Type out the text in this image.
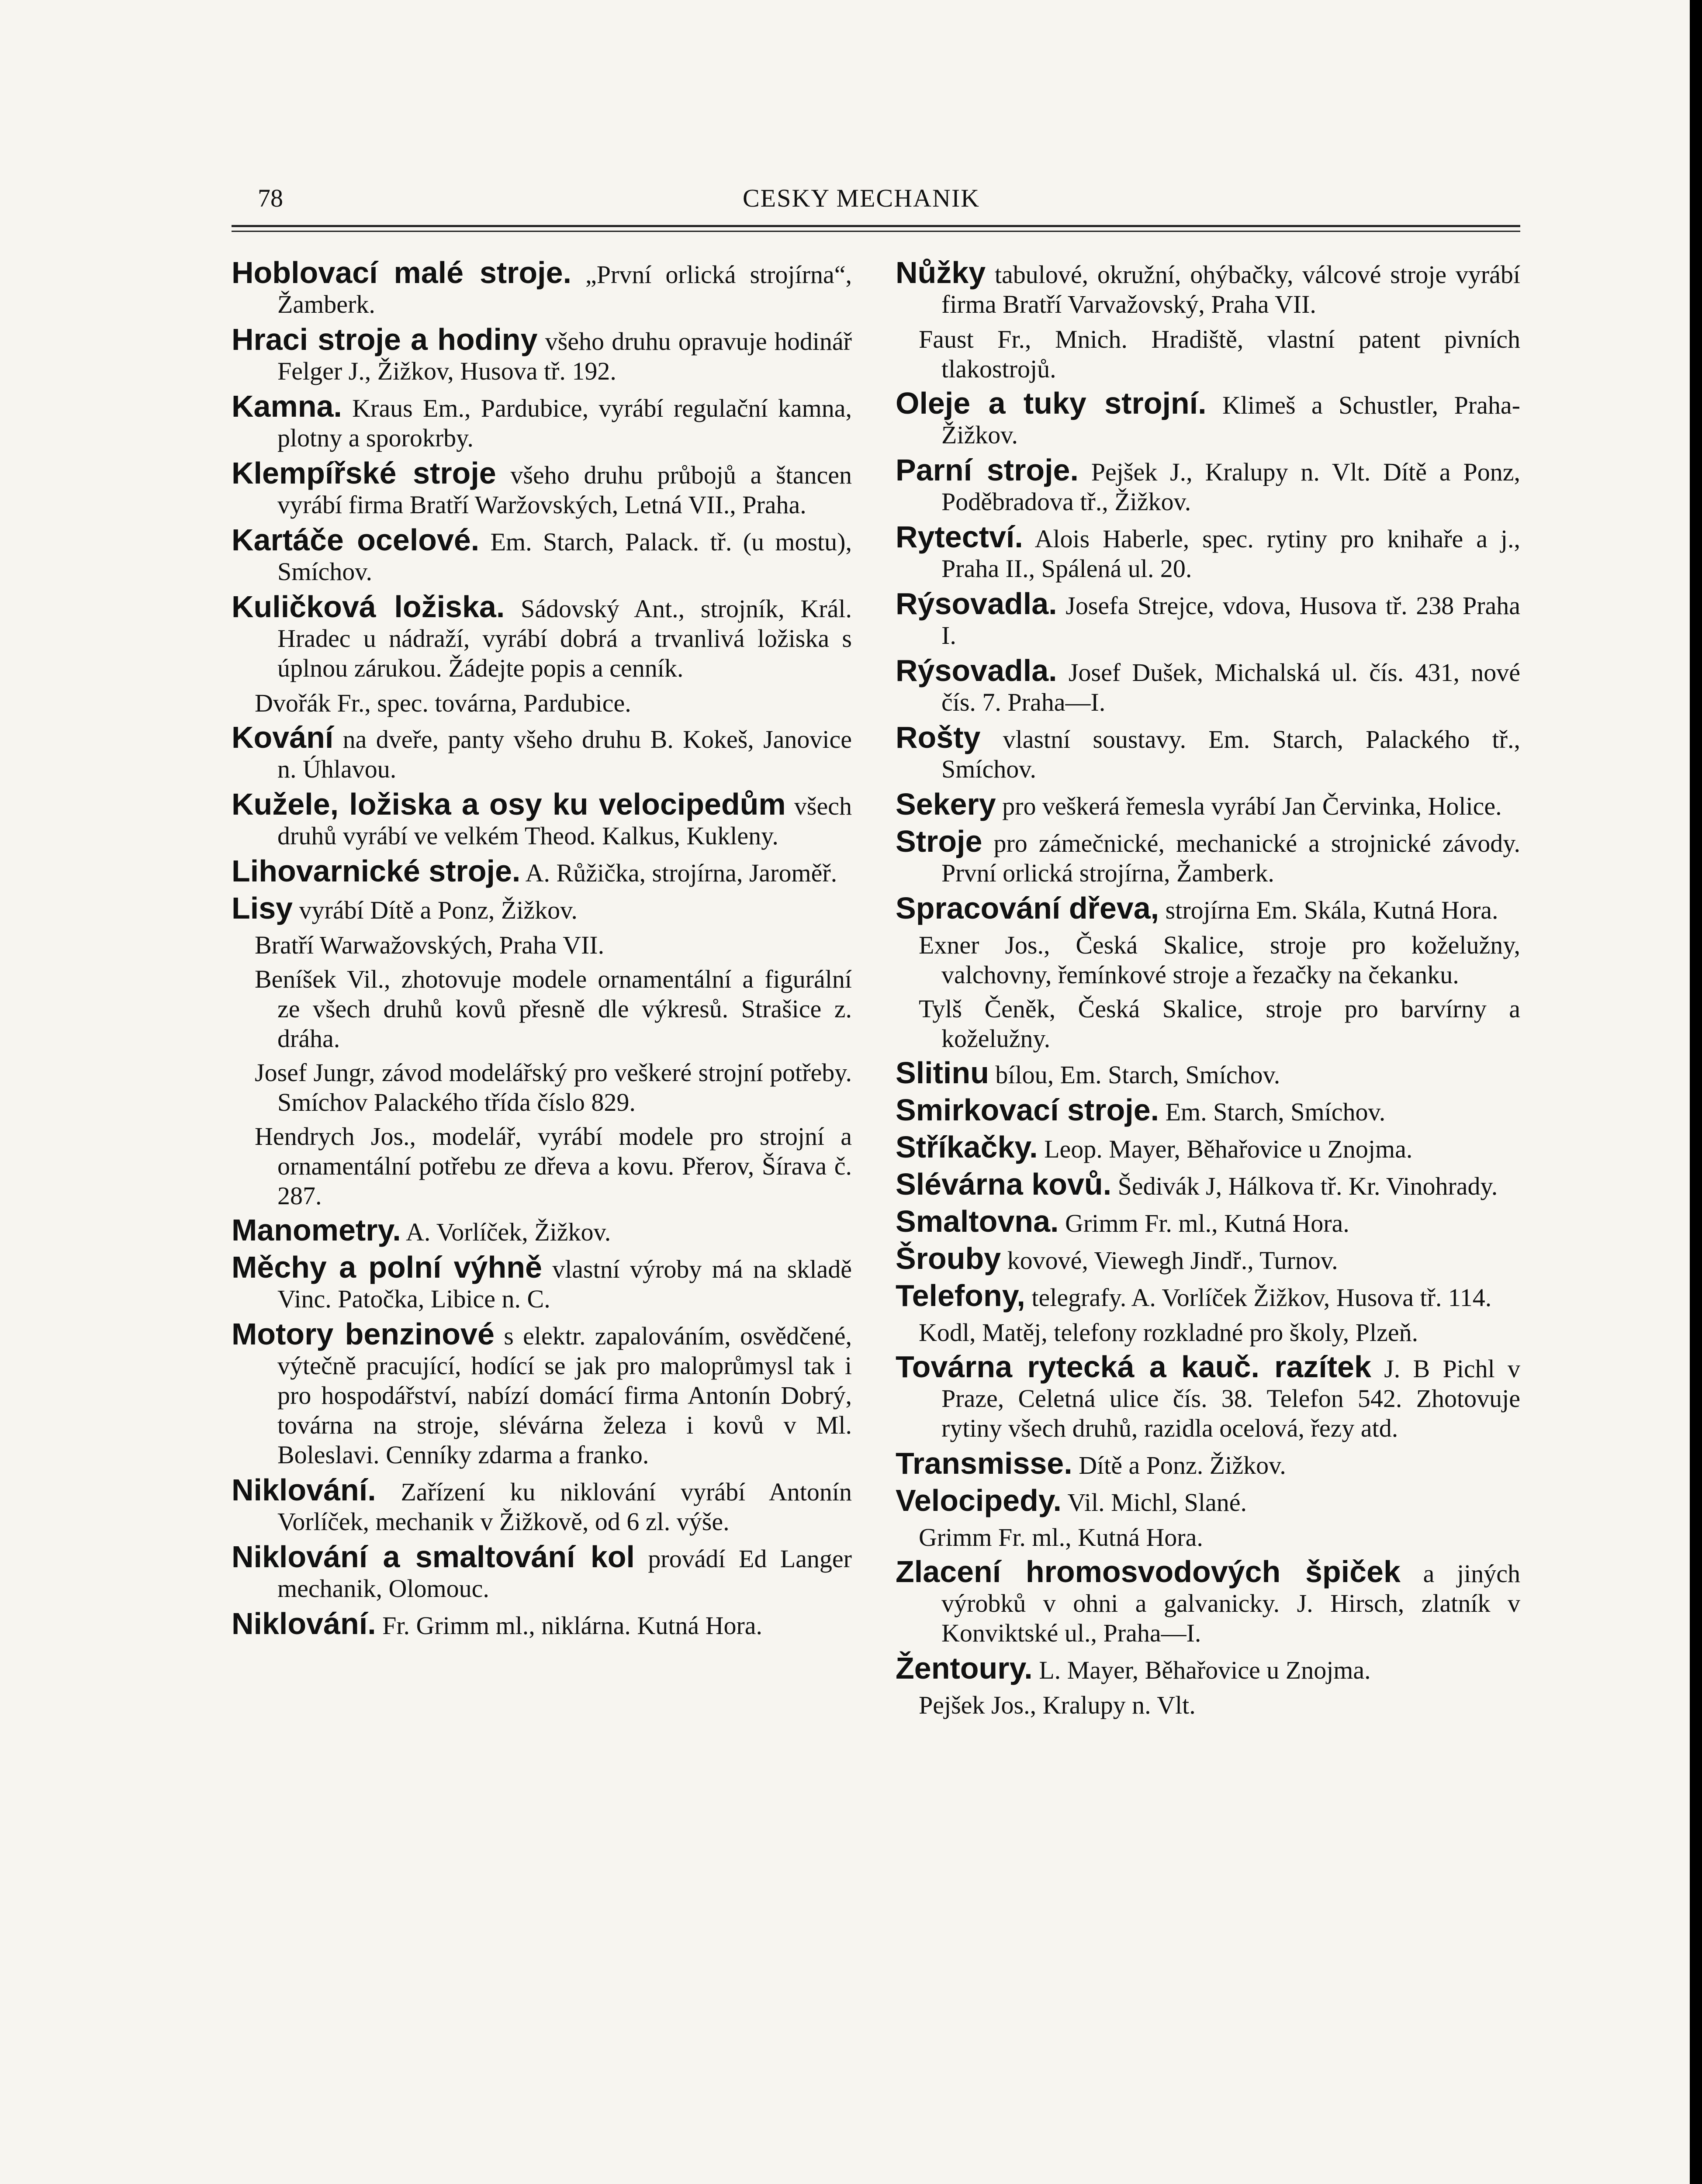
78	CESKY MECHANIK

Hoblovací malé stroje. „První orlická strojírna“, Žamberk.

Hraci stroje a hodiny všeho druhu opravuje hodinář Felger J., Žižkov, Husova tř. 192.

Kamna. Kraus Em., Pardubice, vyrábí regulační kamna, plotny a sporokrby.

Klempířské stroje všeho druhu průbojů a štancen vyrábí firma Bratří Waržovských, Letná VII., Praha.

Kartáče ocelové. Em. Starch, Palack. tř. (u mostu), Smíchov.

Kuličková ložiska. Sádovský Ant., strojník, Král. Hradec u nádraží, vyrábí dobrá a trvanlivá ložiska s úplnou zárukou. Žádejte popis a cenník.

Dvořák Fr., spec. továrna, Pardubice.

Kování na dveře, panty všeho druhu B. Kokeš, Janovice n. Úhlavou.

Kužele, ložiska a osy ku velocipedům všech druhů vyrábí ve velkém Theod. Kalkus, Kukleny.

Lihovarnické stroje. A. Růžička, strojírna, Jaroměř.

Lisy vyrábí Dítě a Ponz, Žižkov.

Bratří Warwažovských, Praha VII.

Beníšek Vil., zhotovuje modele ornamentální a figurální ze všech druhů kovů přesně dle výkresů. Strašice z. dráha.

Josef Jungr, závod modelářský pro veškeré strojní potřeby. Smíchov Palackého třída číslo 829.

Hendrych Jos., modelář, vyrábí modele pro strojní a ornamentální potřebu ze dřeva a kovu. Přerov, Šírava č. 287.

Manometry. A. Vorlíček, Žižkov.

Měchy a polní výhně vlastní výroby má na skladě Vinc. Patočka, Libice n. C.

Motory benzinové s elektr. zapalováním, osvědčené, výtečně pracující, hodící se jak pro maloprůmysl tak i pro hospodářství, nabízí domácí firma Antonín Dobrý, továrna na stroje, slévárna železa i kovů v Ml. Boleslavi. Cenníky zdarma a franko.

Niklování. Zařízení ku niklování vyrábí Antonín Vorlíček, mechanik v Žižkově, od 6 zl. výše.

Niklování a smaltování kol provádí Ed Langer mechanik, Olomouc.

Niklování. Fr. Grimm ml., niklárna. Kutná Hora.

Nůžky tabulové, okružní, ohýbačky, válcové stroje vyrábí firma Bratří Varvažovský, Praha VII.

Faust Fr., Mnich. Hradiště, vlastní patent pivních tlakostrojů.

Oleje a tuky strojní. Klimeš a Schustler, Praha-Žižkov.

Parní stroje. Pejšek J., Kralupy n. Vlt. Dítě a Ponz, Poděbradova tř., Žižkov.

Rytectví. Alois Haberle, spec. rytiny pro knihaře a j., Praha II., Spálená ul. 20.

Rýsovadla. Josefa Strejce, vdova, Husova tř. 238 Praha I.

Rýsovadla. Josef Dušek, Michalská ul. čís. 431, nové čís. 7. Praha—I.

Rošty vlastní soustavy. Em. Starch, Palackého tř., Smíchov.

Sekery pro veškerá řemesla vyrábí Jan Červinka, Holice.

Stroje pro zámečnické, mechanické a strojnické závody. První orlická strojírna, Žamberk.

Spracování dřeva, strojírna Em. Skála, Kutná Hora.

Exner Jos., Česká Skalice, stroje pro koželužny, valchovny, řemínkové stroje a řezačky na čekanku.

Tylš Čeněk, Česká Skalice, stroje pro barvírny a koželužny.

Slitinu bílou, Em. Starch, Smíchov.

Smirkovací stroje. Em. Starch, Smíchov.

Stříkačky. Leop. Mayer, Běhařovice u Znojma.

Slévárna kovů. Šedivák J, Hálkova tř. Kr. Vinohrady.

Smaltovna. Grimm Fr. ml., Kutná Hora.

Šrouby kovové, Viewegh Jindř., Turnov.

Telefony, telegrafy. A. Vorlíček Žižkov, Husova tř. 114.

Kodl, Matěj, telefony rozkladné pro školy, Plzeň.

Továrna rytecká a kauč. razítek J. B Pichl v Praze, Celetná ulice čís. 38. Telefon 542. Zhotovuje rytiny všech druhů, razidla ocelová, řezy atd.

Transmisse. Dítě a Ponz. Žižkov.

Velocipedy. Vil. Michl, Slané.

Grimm Fr. ml., Kutná Hora.

Zlacení hromosvodových špiček a jiných výrobků v ohni a galvanicky. J. Hirsch, zlatník v Konviktské ul., Praha—I.

Žentoury. L. Mayer, Běhařovice u Znojma.

Pejšek Jos., Kralupy n. Vlt.
